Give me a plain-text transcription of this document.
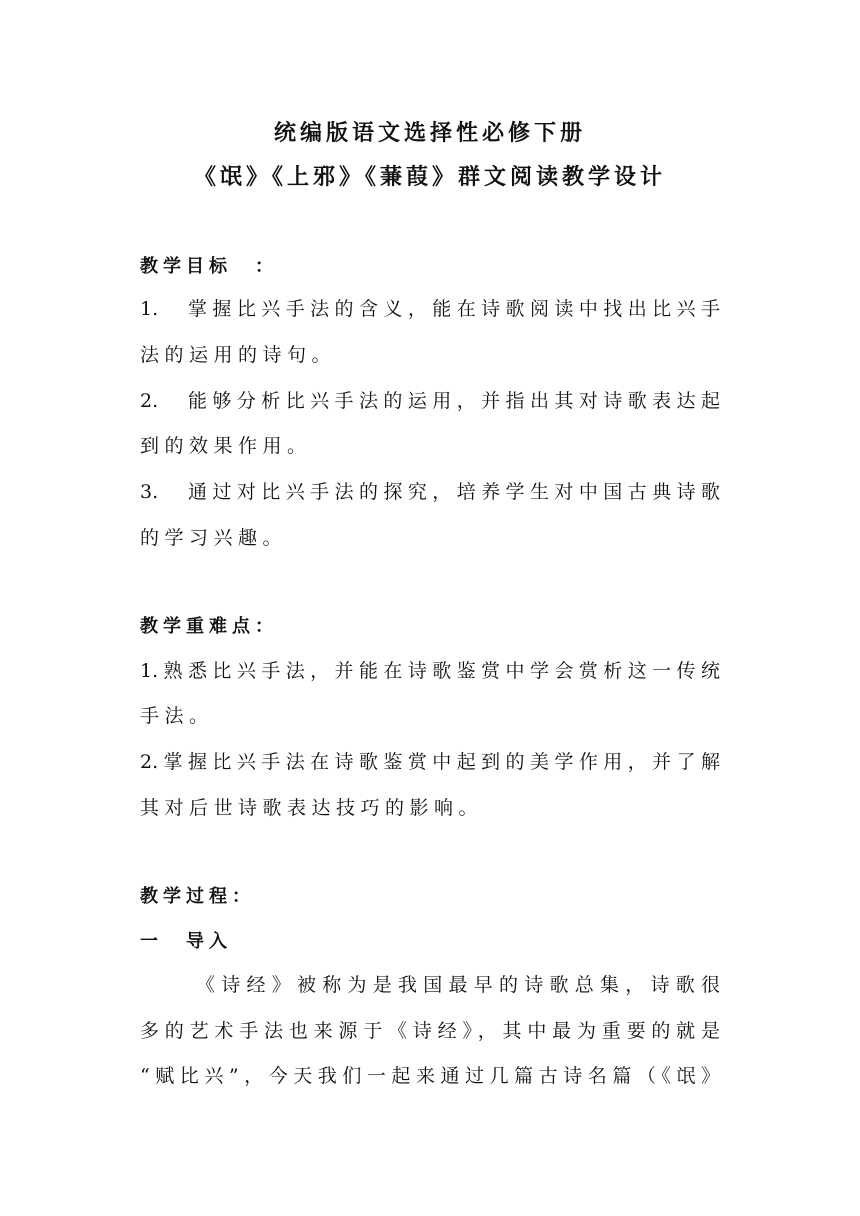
统编版语文选择性必修下册
《氓》《上邪》《蒹葭》群文阅读教学设计
教学目标　：
1.　掌握比兴手法的含义，能在诗歌阅读中找出比兴手
法的运用的诗句。
2.　能够分析比兴手法的运用，并指出其对诗歌表达起
到的效果作用。
3.　通过对比兴手法的探究，培养学生对中国古典诗歌
的学习兴趣。
教学重难点：
1.熟悉比兴手法，并能在诗歌鉴赏中学会赏析这一传统
手法。
2.掌握比兴手法在诗歌鉴赏中起到的美学作用，并了解
其对后世诗歌表达技巧的影响。
教学过程：
一　导入
《诗经》被称为是我国最早的诗歌总集，诗歌很
多的艺术手法也来源于《诗经》，其中最为重要的就是
“赋比兴”，今天我们一起来通过几篇古诗名篇（《氓》
